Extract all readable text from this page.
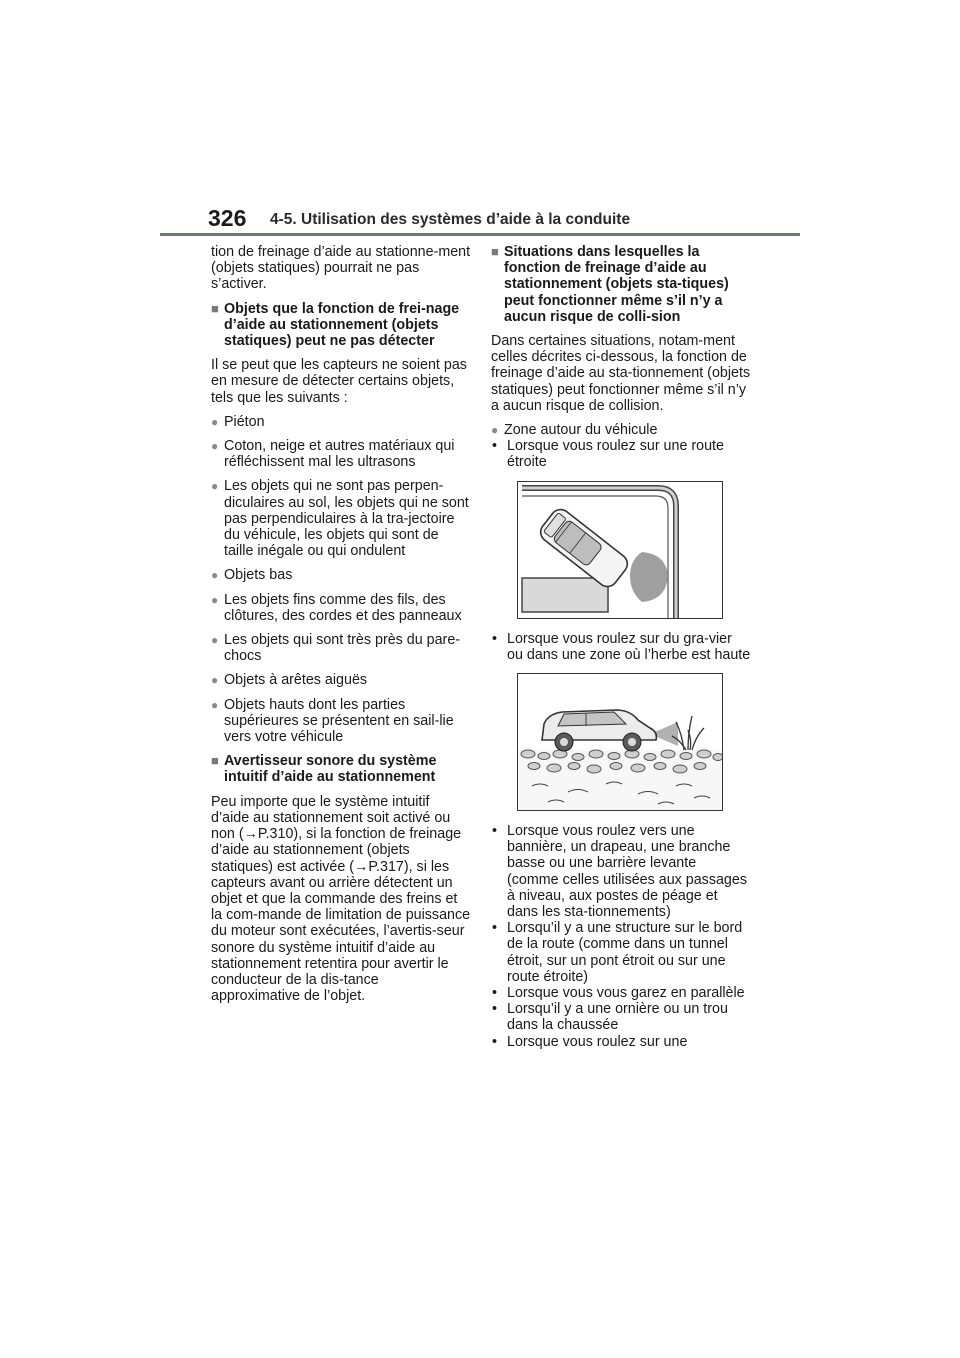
326 4-5. Utilisation des systèmes d’aide à la conduite

tion de freinage d’aide au stationne-ment (objets statiques) pourrait ne pas s’activer.

■ Objets que la fonction de frei-nage d’aide au stationnement (objets statiques) peut ne pas détecter

Il se peut que les capteurs ne soient pas en mesure de détecter certains objets, tels que les suivants :

● Piéton
● Coton, neige et autres matériaux qui réfléchissent mal les ultrasons
● Les objets qui ne sont pas perpen-diculaires au sol, les objets qui ne sont pas perpendiculaires à la tra-jectoire du véhicule, les objets qui sont de taille inégale ou qui ondulent
● Objets bas
● Les objets fins comme des fils, des clôtures, des cordes et des panneaux
● Les objets qui sont très près du pare-chocs
● Objets à arêtes aiguës
● Objets hauts dont les parties supérieures se présentent en sail-lie vers votre véhicule
■ Avertisseur sonore du système intuitif d’aide au stationnement

Peu importe que le système intuitif d’aide au stationnement soit activé ou non (→P.310), si la fonction de freinage d’aide au stationnement (objets statiques) est activée (→P.317), si les capteurs avant ou arrière détectent un objet et que la commande des freins et la com-mande de limitation de puissance du moteur sont exécutées, l’avertis-seur sonore du système intuitif d’aide au stationnement retentira pour avertir le conducteur de la dis-tance approximative de l’objet.

■ Situations dans lesquelles la fonction de freinage d’aide au stationnement (objets sta-tiques) peut fonctionner même s’il n’y a aucun risque de colli-sion

Dans certaines situations, notam-ment celles décrites ci-dessous, la fonction de freinage d’aide au sta-tionnement (objets statiques) peut fonctionner même s’il n’y a aucun risque de collision.

● Zone autour du véhicule
• Lorsque vous roulez sur une route étroite
• Lorsque vous roulez sur du gra-vier ou dans une zone où l’herbe est haute
• Lorsque vous roulez vers une bannière, un drapeau, une branche basse ou une barrière levante (comme celles utilisées aux passages à niveau, aux postes de péage et dans les sta-tionnements)
• Lorsqu’il y a une structure sur le bord de la route (comme dans un tunnel étroit, sur un pont étroit ou sur une route étroite)
• Lorsque vous vous garez en parallèle
• Lorsqu’il y a une ornière ou un trou dans la chaussée
• Lorsque vous roulez sur une
